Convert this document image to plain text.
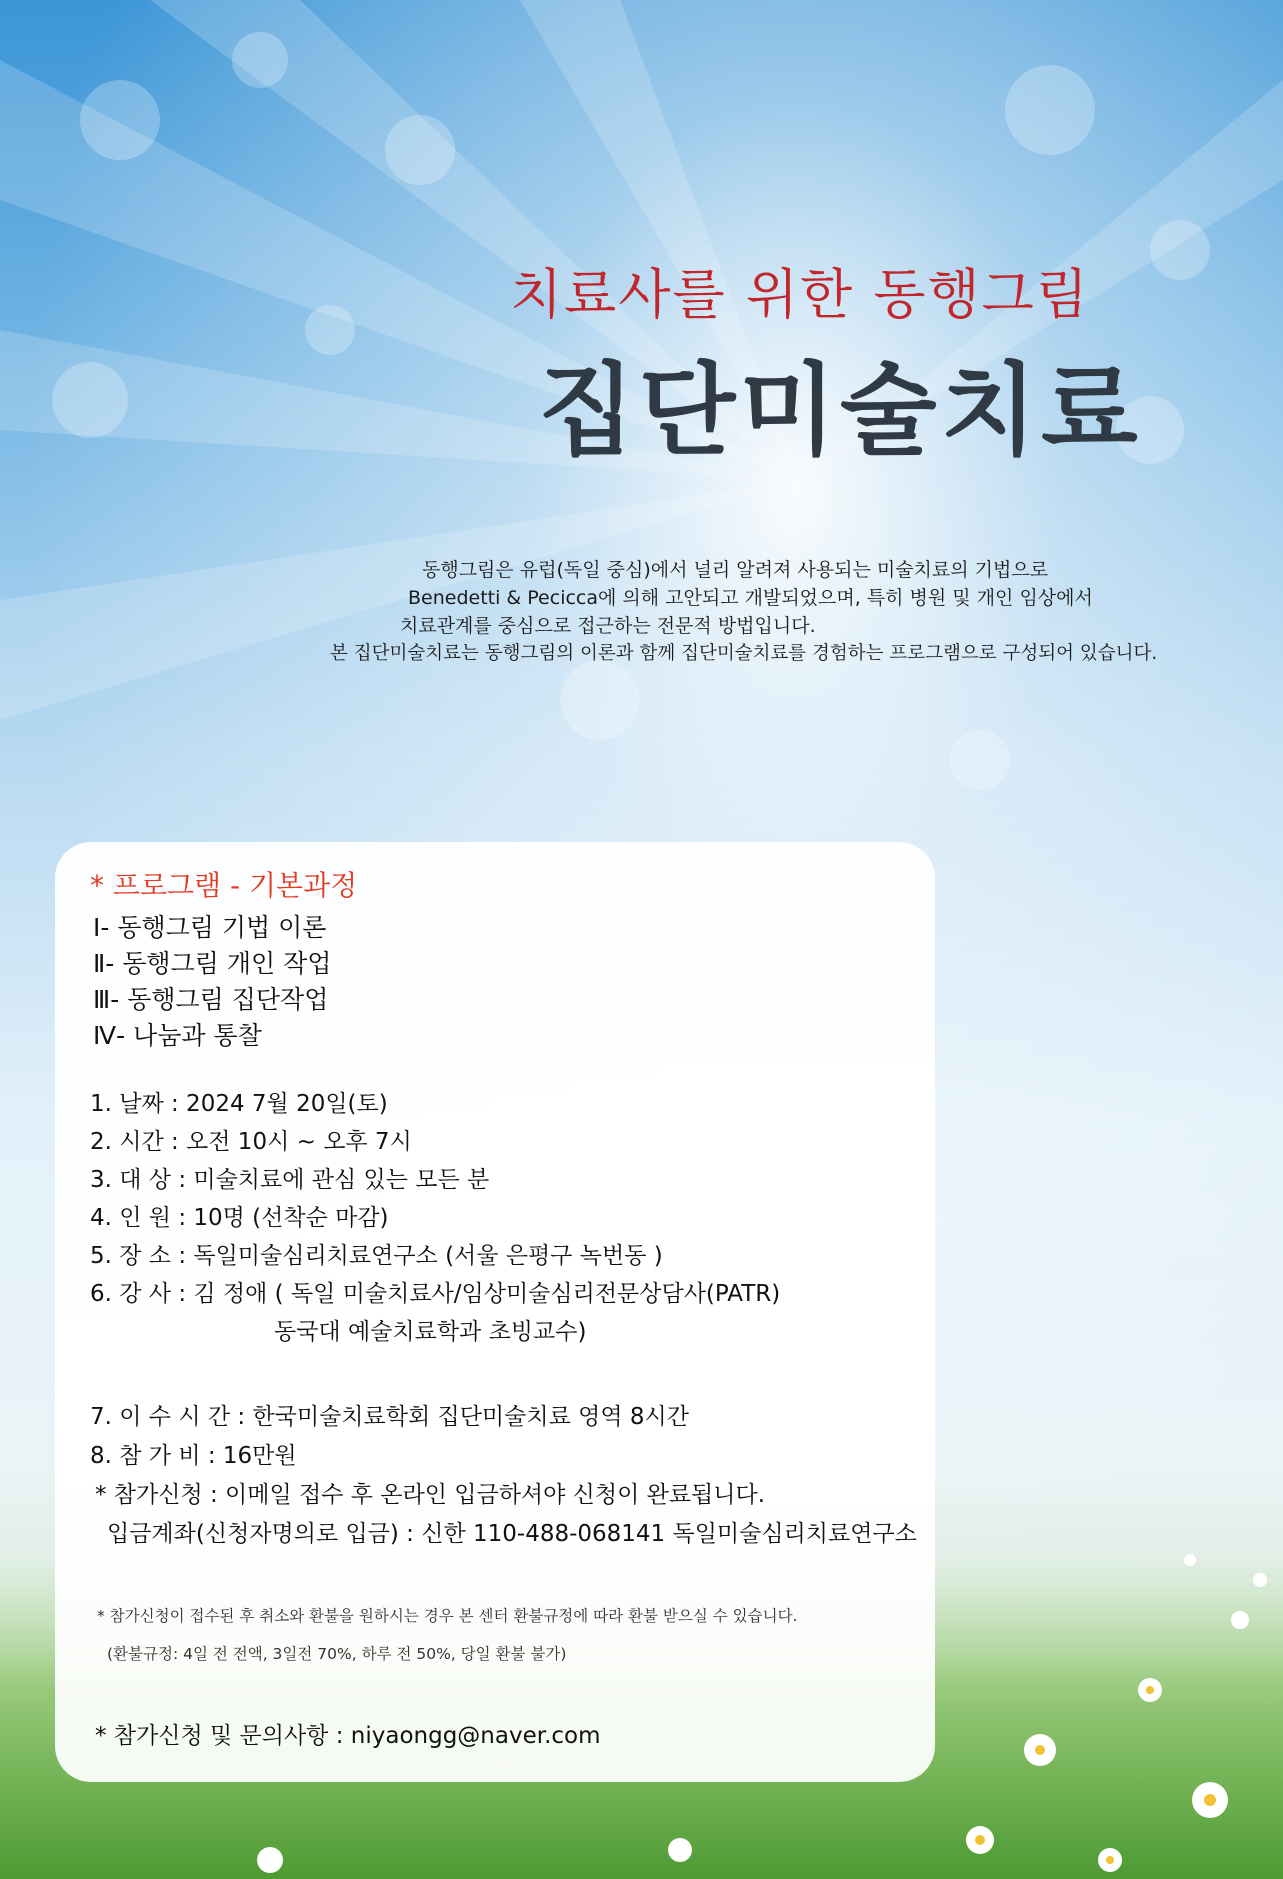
치료사를 위한 동행그림
집단미술치료
동행그림은 유럽(독일 중심)에서 널리 알려져 사용되는 미술치료의 기법으로
Benedetti & Pecicca에 의해 고안되고 개발되었으며, 특히 병원 및 개인 임상에서
치료관계를 중심으로 접근하는 전문적 방법입니다.
본 집단미술치료는 동행그림의 이론과 함께 집단미술치료를 경험하는 프로그램으로 구성되어 있습니다.
* 프로그램 - 기본과정
Ⅰ- 동행그림 기법 이론
Ⅱ- 동행그림 개인 작업
Ⅲ- 동행그림 집단작업
Ⅳ- 나눔과 통찰
1. 날짜 : 2024 7월 20일(토)
2. 시간 : 오전 10시 ~ 오후 7시
3. 대 상 : 미술치료에 관심 있는 모든 분
4. 인 원 : 10명 (선착순 마감)
5. 장 소 : 독일미술심리치료연구소 (서울 은평구 녹번동 )
6. 강 사 : 김 정애 ( 독일 미술치료사/임상미술심리전문상담사(PATR)
동국대 예술치료학과 초빙교수)
7. 이 수 시 간 : 한국미술치료학회 집단미술치료 영역 8시간
8. 참 가 비 : 16만원
* 참가신청 : 이메일 접수 후 온라인 입금하셔야 신청이 완료됩니다.
입금계좌(신청자명의로 입금) : 신한 110-488-068141 독일미술심리치료연구소
* 참가신청이 접수된 후 취소와 환불을 원하시는 경우 본 센터 환불규정에 따라 환불 받으실 수 있습니다.
(환불규정: 4일 전 전액, 3일전 70%, 하루 전 50%, 당일 환불 불가)
* 참가신청 및 문의사항 : niyaongg@naver.com
